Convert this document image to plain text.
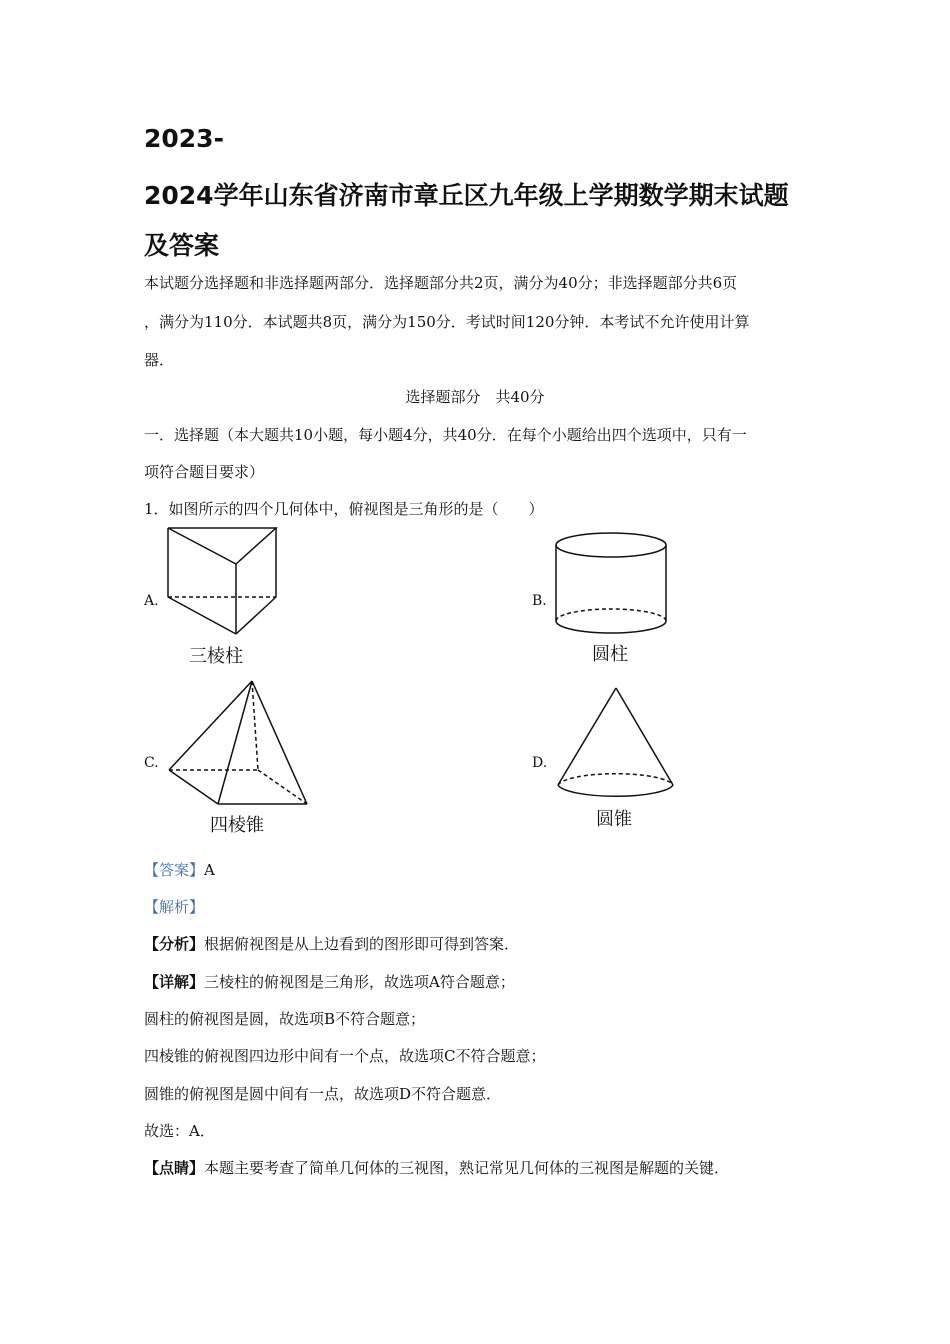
2023-
2024学年山东省济南市章丘区九年级上学期数学期末试题
及答案
本试题分选择题和非选择题两部分．选择题部分共2页，满分为40分；非选择题部分共6页
，满分为110分．本试题共8页，满分为150分．考试时间120分钟．本考试不允许使用计算
器．
选择题部分　共40分
一．选择题（本大题共10小题，每小题4分，共40分．在每个小题给出四个选项中，只有一
项符合题目要求）
1．如图所示的四个几何体中，俯视图是三角形的是（　　）
A.
三棱柱
B.
圆柱
C.
四棱锥
D.
圆锥
【答案】A
【解析】
【分析】根据俯视图是从上边看到的图形即可得到答案．
【详解】三棱柱的俯视图是三角形，故选项A符合题意；
圆柱的俯视图是圆，故选项B不符合题意；
四棱锥的俯视图四边形中间有一个点，故选项C不符合题意；
圆锥的俯视图是圆中间有一点，故选项D不符合题意．
故选：A．
【点睛】本题主要考查了简单几何体的三视图，熟记常见几何体的三视图是解题的关键．
